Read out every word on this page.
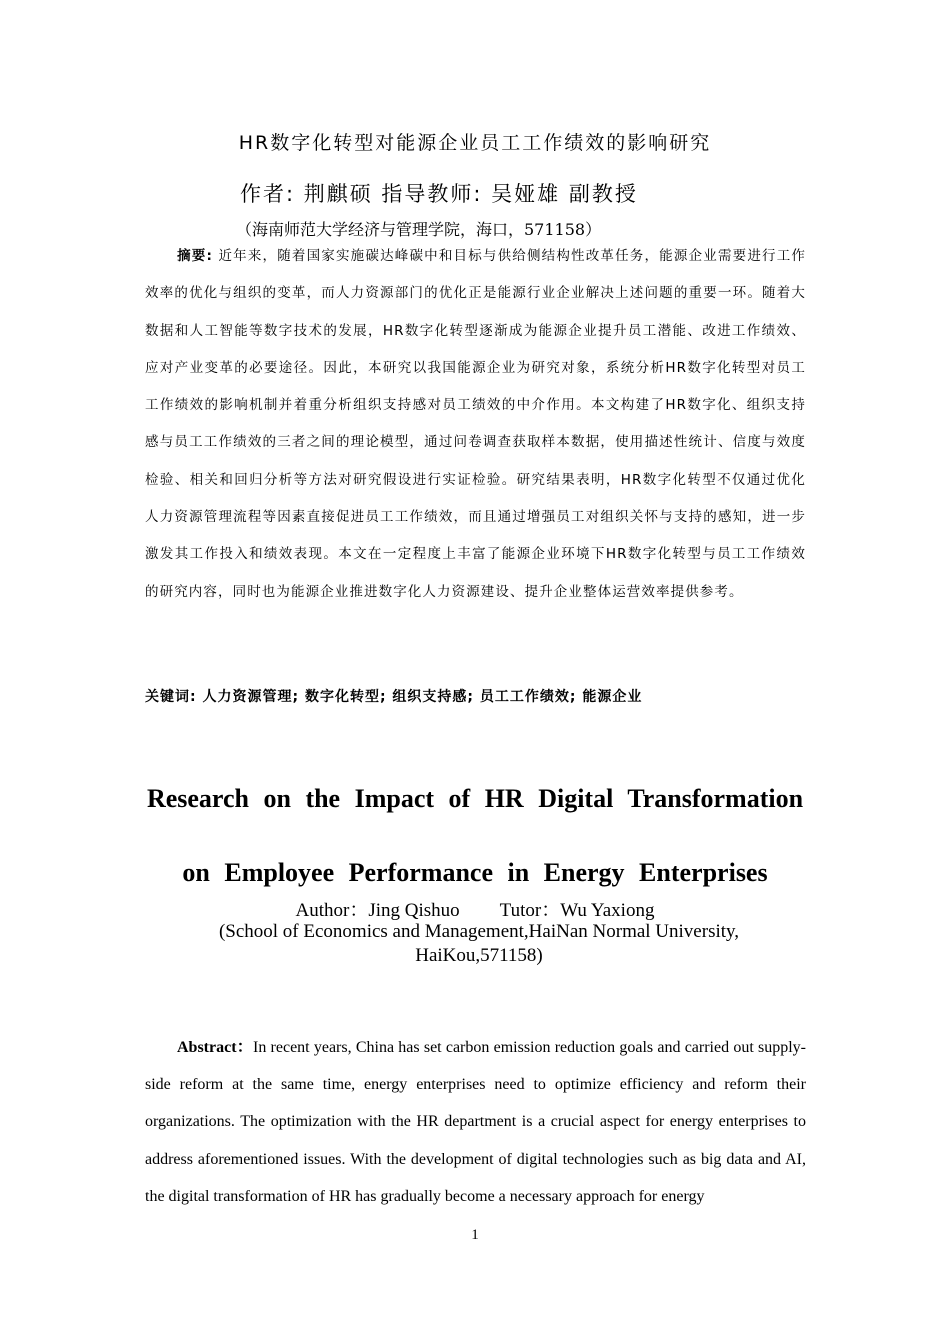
HR数字化转型对能源企业员工工作绩效的影响研究
作者: 荆麒硕 指导教师: 吴娅雄 副教授
（海南师范大学经济与管理学院，海口，571158）
摘要: 近年来，随着国家实施碳达峰碳中和目标与供给侧结构性改革任务，能源企业需要进行工作效率的优化与组织的变革，而人力资源部门的优化正是能源行业企业解决上述问题的重要一环。随着大数据和人工智能等数字技术的发展，HR数字化转型逐渐成为能源企业提升员工潜能、改进工作绩效、应对产业变革的必要途径。因此，本研究以我国能源企业为研究对象，系统分析HR数字化转型对员工工作绩效的影响机制并着重分析组织支持感对员工绩效的中介作用。本文构建了HR数字化、组织支持感与员工工作绩效的三者之间的理论模型，通过问卷调查获取样本数据，使用描述性统计、信度与效度检验、相关和回归分析等方法对研究假设进行实证检验。研究结果表明，HR数字化转型不仅通过优化人力资源管理流程等因素直接促进员工工作绩效，而且通过增强员工对组织关怀与支持的感知，进一步激发其工作投入和绩效表现。本文在一定程度上丰富了能源企业环境下HR数字化转型与员工工作绩效的研究内容，同时也为能源企业推进数字化人力资源建设、提升企业整体运营效率提供参考。
关键词: 人力资源管理; 数字化转型; 组织支持感; 员工工作绩效; 能源企业
Research on the Impact of HR Digital Transformation
on Employee Performance in Energy Enterprises
Author：Jing Qishuo Tutor：Wu Yaxiong
(School of Economics and Management,HaiNan Normal University, HaiKou,571158)
Abstract：In recent years, China has set carbon emission reduction goals and carried out supply-side reform at the same time, energy enterprises need to optimize efficiency and reform their organizations. The optimization with the HR department is a crucial aspect for energy enterprises to address aforementioned issues. With the development of digital technologies such as big data and AI, the digital transformation of HR has gradually become a necessary approach for energy
1
